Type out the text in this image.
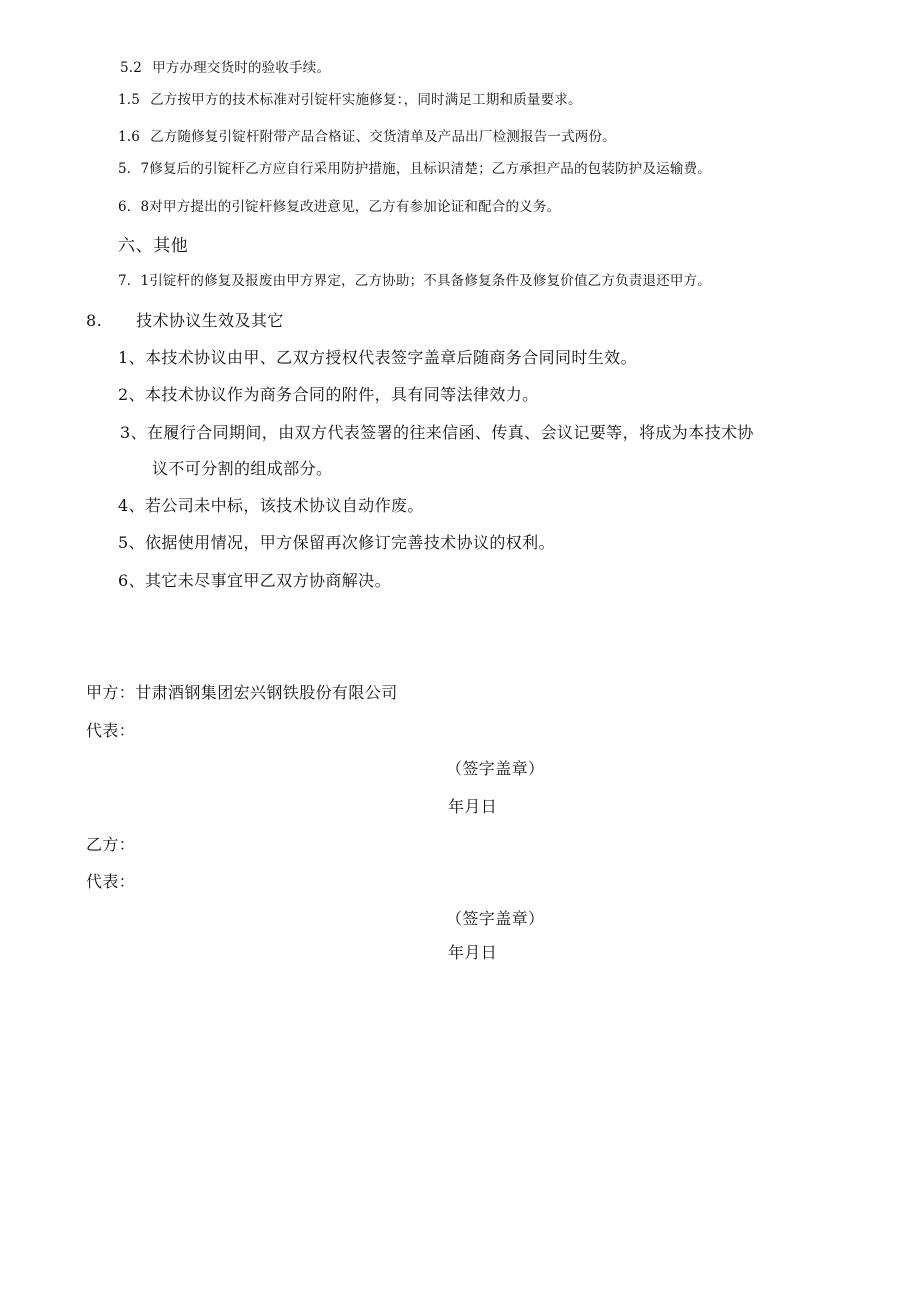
5.2 甲方办理交货时的验收手续。
1.5 乙方按甲方的技术标准对引锭杆实施修复：，同时满足工期和质量要求。
1.6 乙方随修复引锭杆附带产品合格证、交货清单及产品出厂检测报告一式两份。
5．7修复后的引锭杆乙方应自行采用防护措施，且标识清楚；乙方承担产品的包装防护及运输费。
6．8对甲方提出的引锭杆修复改进意见，乙方有参加论证和配合的义务。
六、其他
7．1引锭杆的修复及报废由甲方界定，乙方协助；不具备修复条件及修复价值乙方负责退还甲方。
8. 技术协议生效及其它
1、本技术协议由甲、乙双方授权代表签字盖章后随商务合同同时生效。
2、本技术协议作为商务合同的附件，具有同等法律效力。
3、在履行合同期间，由双方代表签署的往来信函、传真、会议记要等，将成为本技术协
议不可分割的组成部分。
4、若公司未中标，该技术协议自动作废。
5、依据使用情况，甲方保留再次修订完善技术协议的权利。
6、其它未尽事宜甲乙双方协商解决。
甲方：甘肃酒钢集团宏兴钢铁股份有限公司
代表：
（签字盖章）
年月日
乙方：
代表：
（签字盖章）
年月日
